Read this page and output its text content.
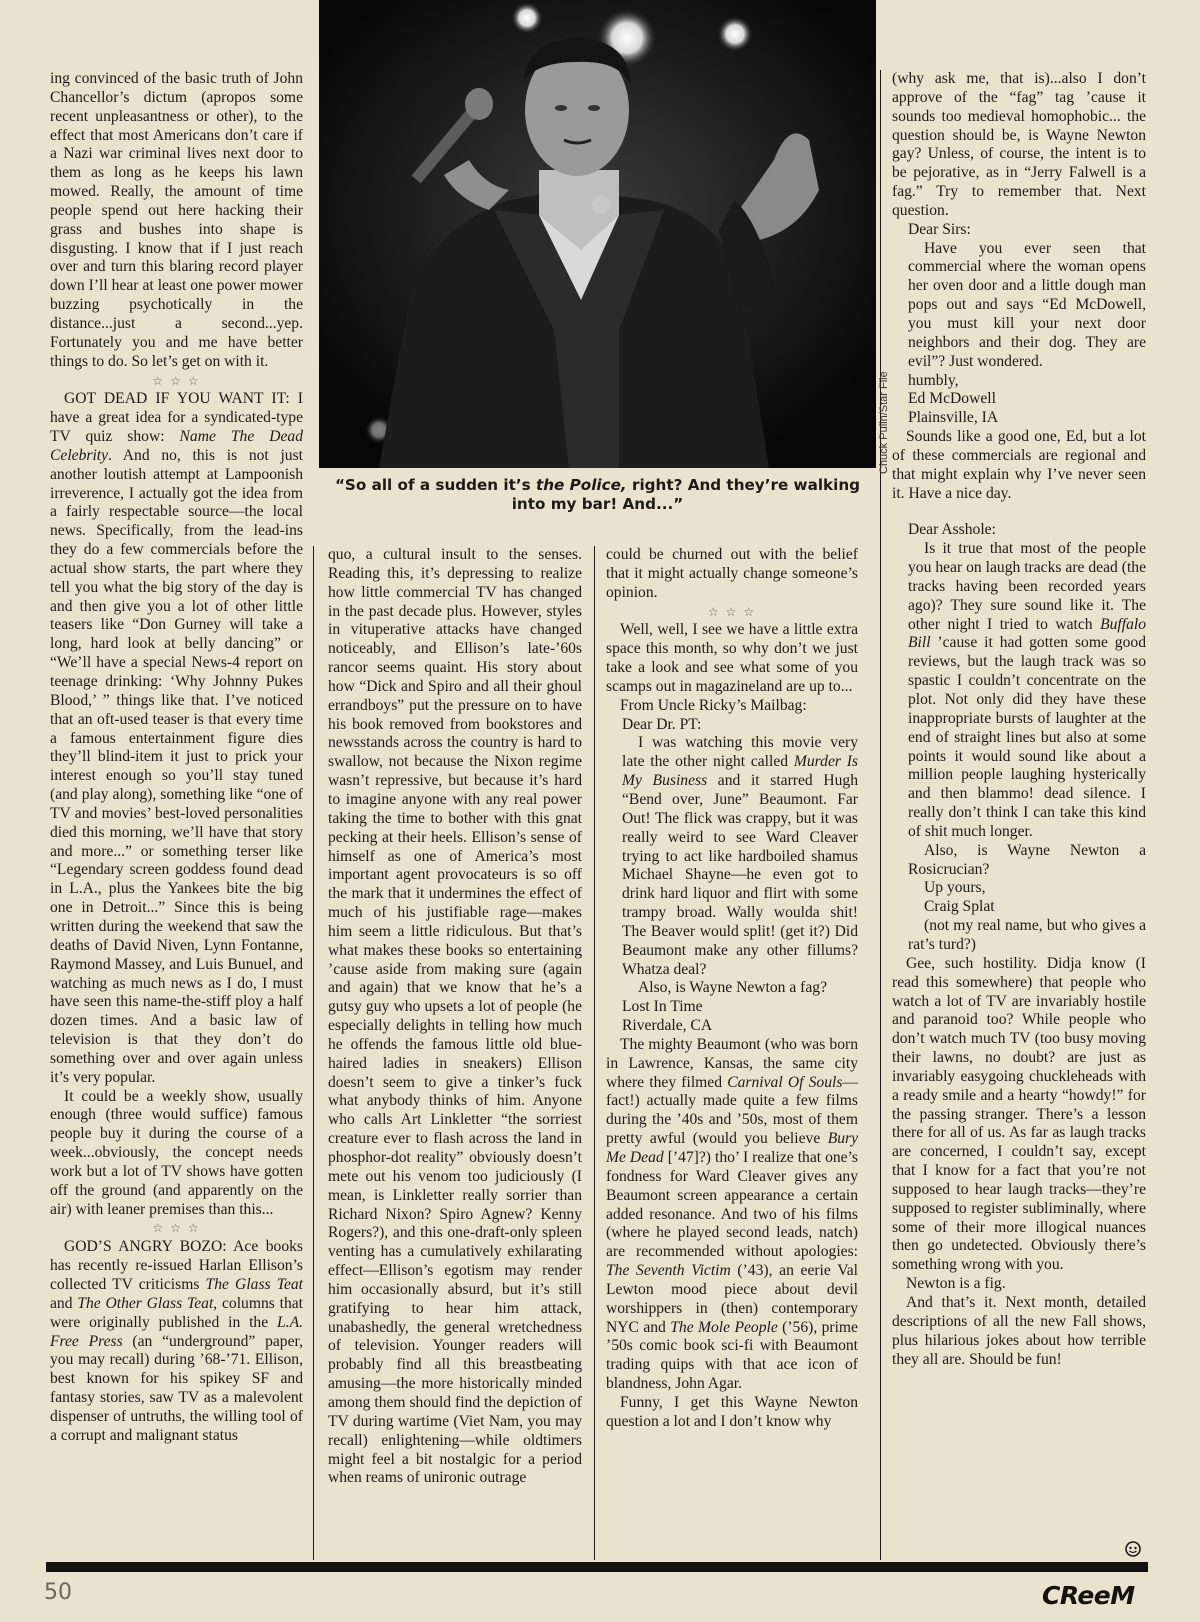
Chuck Pulin/Star File
“So all of a sudden it’s the Police, right? And they’re walking into my bar! And...”

ing convinced of the basic truth of John Chancellor’s dictum (apropos some recent unpleasantness or other), to the effect that most Americans don’t care if a Nazi war criminal lives next door to them as long as he keeps his lawn mowed. Really, the amount of time people spend out here hacking their grass and bushes into shape is disgusting. I know that if I just reach over and turn this blaring record player down I’ll hear at least one power mower buzzing psychotically in the distance...just a second...yep. Fortunately you and me have better things to do. So let’s get on with it.

☆ ☆ ☆

GOT DEAD IF YOU WANT IT: I have a great idea for a syndicated-type TV quiz show: Name The Dead Celebrity. And no, this is not just another loutish attempt at Lampoonish irreverence, I actually got the idea from a fairly respectable source—the local news. Specifically, from the lead-ins they do a few commercials before the actual show starts, the part where they tell you what the big story of the day is and then give you a lot of other little teasers like “Don Gurney will take a long, hard look at belly dancing” or “We’ll have a special News-4 report on teenage drinking: ‘Why Johnny Pukes Blood,’ ” things like that. I’ve noticed that an oft-used teaser is that every time a famous entertainment figure dies they’ll blind-item it just to prick your interest enough so you’ll stay tuned (and play along), something like “one of TV and movies’ best-loved personalities died this morning, we’ll have that story and more...” or something terser like “Legendary screen goddess found dead in L.A., plus the Yankees bite the big one in Detroit...” Since this is being written during the weekend that saw the deaths of David Niven, Lynn Fontanne, Raymond Massey, and Luis Bunuel, and watching as much news as I do, I must have seen this name-the-stiff ploy a half dozen times. And a basic law of television is that they don’t do something over and over again unless it’s very popular.

It could be a weekly show, usually enough (three would suffice) famous people buy it during the course of a week...obviously, the concept needs work but a lot of TV shows have gotten off the ground (and apparently on the air) with leaner premises than this...

☆ ☆ ☆

GOD’S ANGRY BOZO: Ace books has recently re-issued Harlan Ellison’s collected TV criticisms The Glass Teat and The Other Glass Teat, columns that were originally published in the L.A. Free Press (an “underground” paper, you may recall) during ’68-’71. Ellison, best known for his spikey SF and fantasy stories, saw TV as a malevolent dispenser of untruths, the willing tool of a corrupt and malignant status

quo, a cultural insult to the senses. Reading this, it’s depressing to realize how little commercial TV has changed in the past decade plus. However, styles in vituperative attacks have changed noticeably, and Ellison’s late-’60s rancor seems quaint. His story about how “Dick and Spiro and all their ghoul errandboys” put the pressure on to have his book removed from bookstores and newsstands across the country is hard to swallow, not because the Nixon regime wasn’t repressive, but because it’s hard to imagine anyone with any real power taking the time to bother with this gnat pecking at their heels. Ellison’s sense of himself as one of America’s most important agent provocateurs is so off the mark that it undermines the effect of much of his justifiable rage—makes him seem a little ridiculous. But that’s what makes these books so entertaining ’cause aside from making sure (again and again) that we know that he’s a gutsy guy who upsets a lot of people (he especially delights in telling how much he offends the famous little old blue-haired ladies in sneakers) Ellison doesn’t seem to give a tinker’s fuck what anybody thinks of him. Anyone who calls Art Linkletter “the sorriest creature ever to flash across the land in phosphor-dot reality” obviously doesn’t mete out his venom too judiciously (I mean, is Linkletter really sorrier than Richard Nixon? Spiro Agnew? Kenny Rogers?), and this one-draft-only spleen venting has a cumulatively exhilarating effect—Ellison’s egotism may render him occasionally absurd, but it’s still gratifying to hear him attack, unabashedly, the general wretchedness of television. Younger readers will probably find all this breastbeating amusing—the more historically minded among them should find the depiction of TV during wartime (Viet Nam, you may recall) enlightening—while oldtimers might feel a bit nostalgic for a period when reams of unironic outrage

could be churned out with the belief that it might actually change someone’s opinion.

☆ ☆ ☆

Well, well, I see we have a little extra space this month, so why don’t we just take a look and see what some of you scamps out in magazineland are up to...

From Uncle Ricky’s Mailbag:

Dear Dr. PT:

I was watching this movie very late the other night called Murder Is My Business and it starred Hugh “Bend over, June” Beaumont. Far Out! The flick was crappy, but it was really weird to see Ward Cleaver trying to act like hardboiled shamus Michael Shayne—he even got to drink hard liquor and flirt with some trampy broad. Wally woulda shit! The Beaver would split! (get it?) Did Beaumont make any other fillums? Whatza deal?

Also, is Wayne Newton a fag?

Lost In Time

Riverdale, CA

The mighty Beaumont (who was born in Lawrence, Kansas, the same city where they filmed Carnival Of Souls—fact!) actually made quite a few films during the ’40s and ’50s, most of them pretty awful (would you believe Bury Me Dead [’47]?) tho’ I realize that one’s fondness for Ward Cleaver gives any Beaumont screen appearance a certain added resonance. And two of his films (where he played second leads, natch) are recommended without apologies: The Seventh Victim (’43), an eerie Val Lewton mood piece about devil worshippers in (then) contemporary NYC and The Mole People (’56), prime ’50s comic book sci-fi with Beaumont trading quips with that ace icon of blandness, John Agar.

Funny, I get this Wayne Newton question a lot and I don’t know why

(why ask me, that is)...also I don’t approve of the “fag” tag ’cause it sounds too medieval homophobic... the question should be, is Wayne Newton gay? Unless, of course, the intent is to be pejorative, as in “Jerry Falwell is a fag.” Try to remember that. Next question.

Dear Sirs:

Have you ever seen that commercial where the woman opens her oven door and a little dough man pops out and says “Ed McDowell, you must kill your next door neighbors and their dog. They are evil”? Just wondered.

humbly,

Ed McDowell

Plainsville, IA

Sounds like a good one, Ed, but a lot of these commercials are regional and that might explain why I’ve never seen it. Have a nice day.

Dear Asshole:

Is it true that most of the people you hear on laugh tracks are dead (the tracks having been recorded years ago)? They sure sound like it. The other night I tried to watch Buffalo Bill ’cause it had gotten some good reviews, but the laugh track was so spastic I couldn’t concentrate on the plot. Not only did they have these inappropriate bursts of laughter at the end of straight lines but also at some points it would sound like about a million people laughing hysterically and then blammo! dead silence. I really don’t think I can take this kind of shit much longer.

Also, is Wayne Newton a Rosicrucian?

Up yours,

Craig Splat

(not my real name, but who gives a rat’s turd?)

Gee, such hostility. Didja know (I read this somewhere) that people who watch a lot of TV are invariably hostile and paranoid too? While people who don’t watch much TV (too busy moving their lawns, no doubt? are just as invariably easygoing chuckleheads with a ready smile and a hearty “howdy!” for the passing stranger. There’s a lesson there for all of us. As far as laugh tracks are concerned, I couldn’t say, except that I know for a fact that you’re not supposed to hear laugh tracks—they’re supposed to register subliminally, where some of their more illogical nuances then go undetected. Obviously there’s something wrong with you.

Newton is a fig.

And that’s it. Next month, detailed descriptions of all the new Fall shows, plus hilarious jokes about how terrible they all are. Should be fun!

50	CReeM
